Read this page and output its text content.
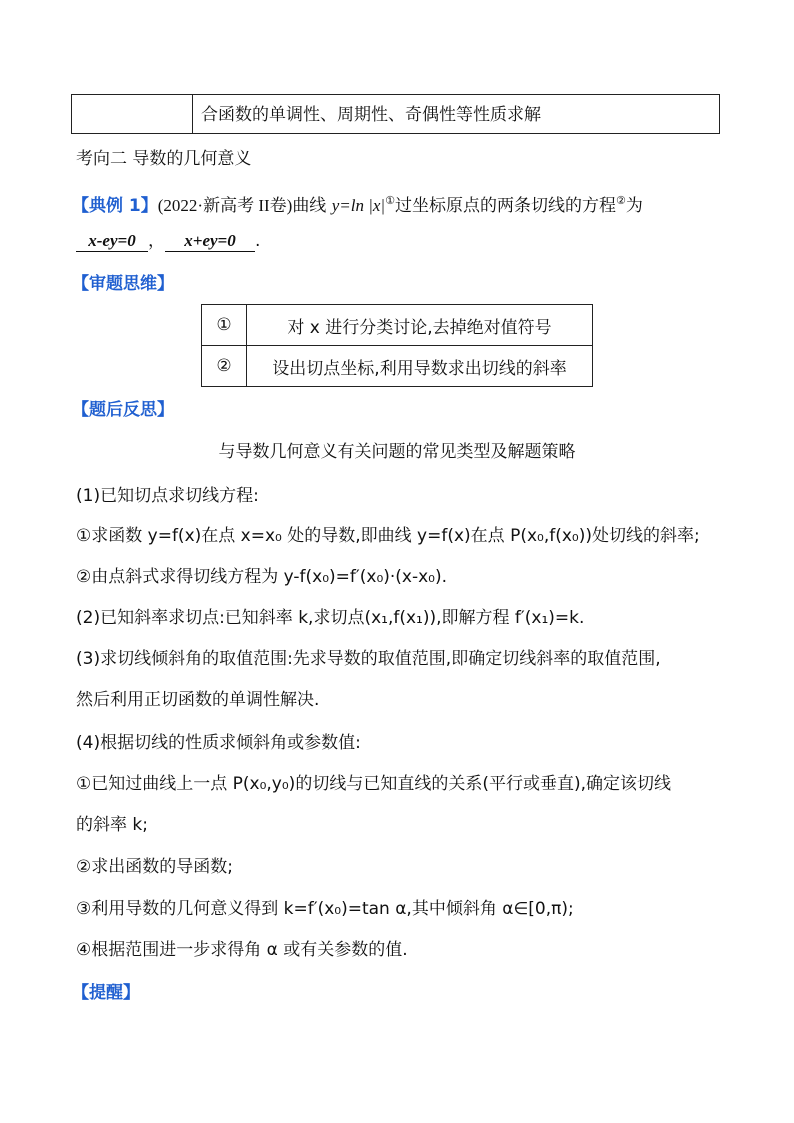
合函数的单调性、周期性、奇偶性等性质求解
考向二 导数的几何意义
【典例 1】(2022·新高考 II卷)曲线 y=ln |x|①过坐标原点的两条切线的方程②为
x-ey=0 ， x+ey=0 .
【审题思维】
①	对 x 进行分类讨论,去掉绝对值符号
②	设出切点坐标,利用导数求出切线的斜率
【题后反思】
与导数几何意义有关问题的常见类型及解题策略
(1)已知切点求切线方程:
①求函数 y=f(x)在点 x=x₀ 处的导数,即曲线 y=f(x)在点 P(x₀,f(x₀))处切线的斜率;
②由点斜式求得切线方程为 y-f(x₀)=f′(x₀)·(x-x₀).
(2)已知斜率求切点:已知斜率 k,求切点(x₁,f(x₁)),即解方程 f′(x₁)=k.
(3)求切线倾斜角的取值范围:先求导数的取值范围,即确定切线斜率的取值范围,
然后利用正切函数的单调性解决.
(4)根据切线的性质求倾斜角或参数值:
①已知过曲线上一点 P(x₀,y₀)的切线与已知直线的关系(平行或垂直),确定该切线
的斜率 k;
②求出函数的导函数;
③利用导数的几何意义得到 k=f′(x₀)=tan α,其中倾斜角 α∈[0,π);
④根据范围进一步求得角 α 或有关参数的值.
【提醒】
